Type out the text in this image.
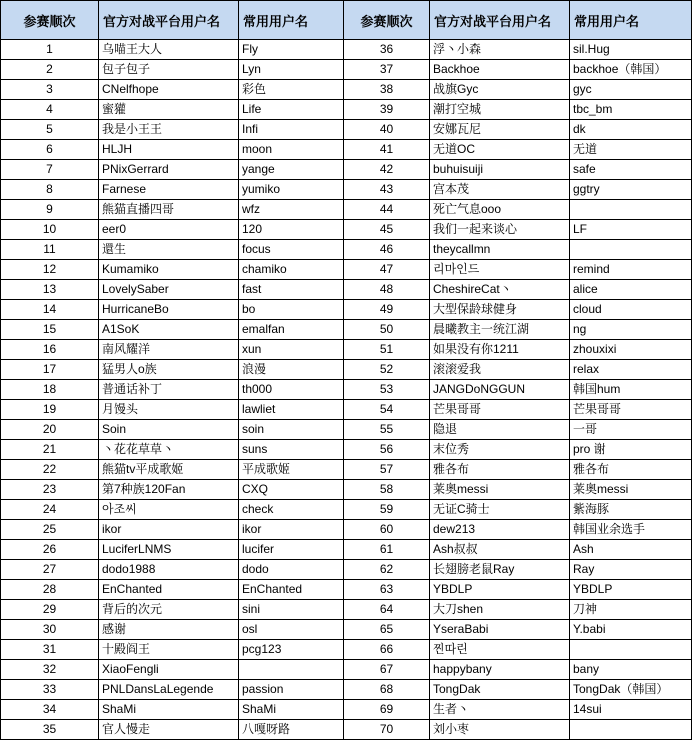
参赛顺次	官方对战平台用户名	常用用户名	参赛顺次	官方对战平台用户名	常用用户名
1	乌喵王大人	Fly	36	浮丶小森	sil.Hug
2	包子包子	Lyn	37	Backhoe	backhoe（韩国）
3	CNelfhope	彩色	38	战旗Gyc	gyc
4	蜜獾	Life	39	潮打空城	tbc_bm
5	我是小王王	Infi	40	安娜瓦尼	dk
6	HLJH	moon	41	无道OC	无道
7	PNixGerrard	yange	42	buhuisuiji	safe
8	Farnese	yumiko	43	宫本茂	ggtry
9	熊猫直播四哥	wfz	44	死亡气息ooo	
10	eer0	120	45	我们一起来谈心	LF
11	還生	focus	46	theycallmn	
12	Kumamiko	chamiko	47	리마인드	remind
13	LovelySaber	fast	48	CheshireCat丶	alice
14	HurricaneBo	bo	49	大型保龄球健身	cloud
15	A1SoK	emalfan	50	晨曦教主一统江湖	ng
16	南风耀洋	xun	51	如果没有你1211	zhouxixi
17	猛男人o族	浪漫	52	滚滚爱我	relax
18	普通话补丁	th000	53	JANGDoNGGUN	韩国hum
19	月馒头	lawliet	54	芒果哥哥	芒果哥哥
20	Soin	soin	55	隐退	一哥
21	丶花花草草丶	suns	56	末位秀	pro 谢
22	熊猫tv平成歌姬	平成歌姬	57	雅各布	雅各布
23	第7种族120Fan	CXQ	58	莱奥messi	莱奥messi
24	아조씨	check	59	无证C骑士	紫海豚
25	ikor	ikor	60	dew213	韩国业余选手
26	LuciferLNMS	lucifer	61	Ash叔叔	Ash
27	dodo1988	dodo	62	长翅膀老鼠Ray	Ray
28	EnChanted	EnChanted	63	YBDLP	YBDLP
29	背后的次元	sini	64	大刀shen	刀神
30	感谢	osl	65	YseraBabi	Y.babi
31	十殿阎王	pcg123	66	찐따린	
32	XiaoFengli		67	happybany	bany
33	PNLDansLaLegende	passion	68	TongDak	TongDak（韩国）
34	ShaMi	ShaMi	69	生者丶	14sui
35	官人慢走	八嘎呀路	70	刘小枣	
